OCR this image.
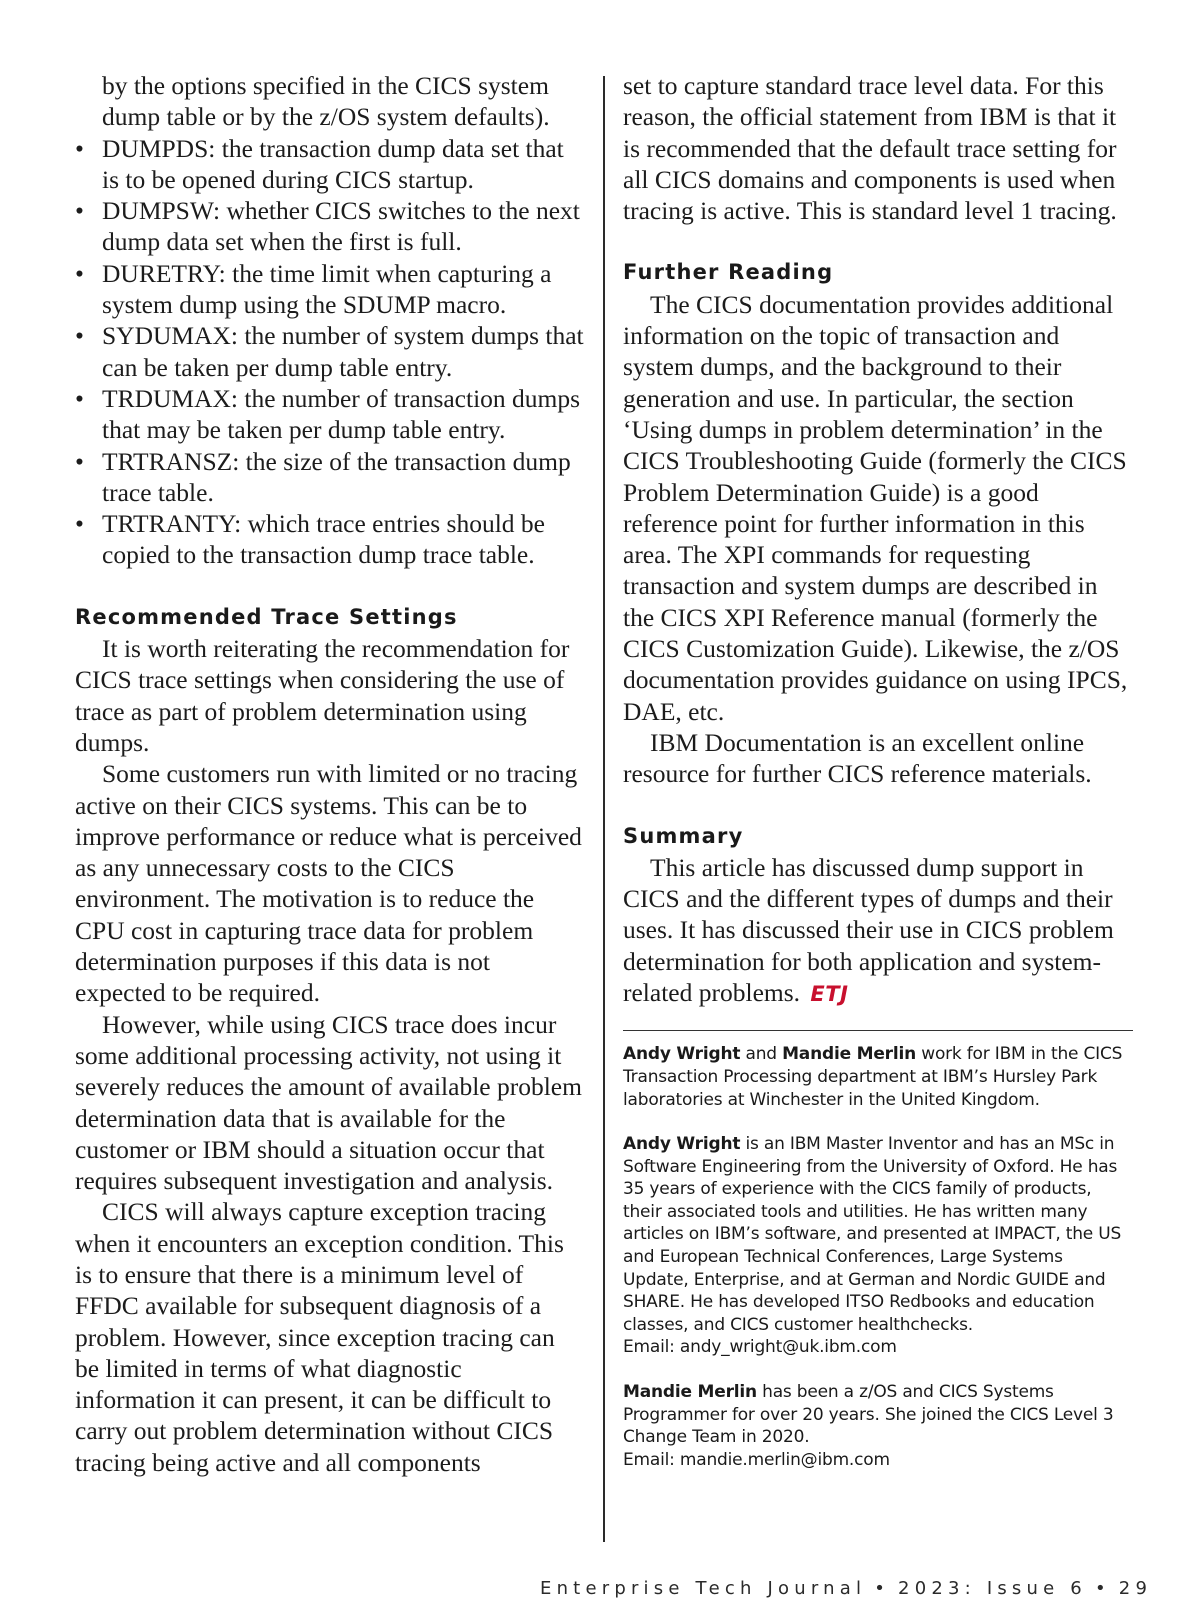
by the options specified in the CICS system dump table or by the z/OS system defaults).

• DUMPDS: the transaction dump data set that is to be opened during CICS startup.
• DUMPSW: whether CICS switches to the next dump data set when the first is full.
• DURETRY: the time limit when capturing a system dump using the SDUMP macro.
• SYDUMAX: the number of system dumps that can be taken per dump table entry.
• TRDUMAX: the number of transaction dumps that may be taken per dump table entry.
• TRTRANSZ: the size of the transaction dump trace table.
• TRTRANTY: which trace entries should be copied to the transaction dump trace table.
Recommended Trace Settings

It is worth reiterating the recommendation for CICS trace settings when considering the use of trace as part of problem determination using dumps.

Some customers run with limited or no tracing active on their CICS systems. This can be to improve performance or reduce what is perceived as any unnecessary costs to the CICS environment. The motivation is to reduce the CPU cost in capturing trace data for problem determination purposes if this data is not expected to be required.

However, while using CICS trace does incur some additional processing activity, not using it severely reduces the amount of available problem determination data that is available for the customer or IBM should a situation occur that requires subsequent investigation and analysis.

CICS will always capture exception tracing when it encounters an exception condition. This is to ensure that there is a minimum level of FFDC available for subsequent diagnosis of a problem. However, since exception tracing can be limited in terms of what diagnostic information it can present, it can be difficult to carry out problem determination without CICS tracing being active and all components

set to capture standard trace level data. For this reason, the official statement from IBM is that it is recommended that the default trace setting for all CICS domains and components is used when tracing is active. This is standard level 1 tracing.

Further Reading

The CICS documentation provides additional information on the topic of transaction and system dumps, and the background to their generation and use. In particular, the section ‘Using dumps in problem determination’ in the CICS Troubleshooting Guide (formerly the CICS Problem Determination Guide) is a good reference point for further information in this area. The XPI commands for requesting transaction and system dumps are described in the CICS XPI Reference manual (formerly the CICS Customization Guide). Likewise, the z/OS documentation provides guidance on using IPCS, DAE, etc.

IBM Documentation is an excellent online resource for further CICS reference materials.

Summary

This article has discussed dump support in CICS and the different types of dumps and their uses. It has discussed their use in CICS problem determination for both application and system-related problems. ETJ

Andy Wright and Mandie Merlin work for IBM in the CICS Transaction Processing department at IBM’s Hursley Park laboratories at Winchester in the United Kingdom.

Andy Wright is an IBM Master Inventor and has an MSc in Software Engineering from the University of Oxford. He has 35 years of experience with the CICS family of products, their associated tools and utilities. He has written many articles on IBM’s software, and presented at IMPACT, the US and European Technical Conferences, Large Systems Update, Enterprise, and at German and Nordic GUIDE and SHARE. He has developed ITSO Redbooks and education classes, and CICS customer healthchecks.
Email: andy_wright@uk.ibm.com

Mandie Merlin has been a z/OS and CICS Systems Programmer for over 20 years. She joined the CICS Level 3 Change Team in 2020.
Email: mandie.merlin@ibm.com

Enterprise Tech Journal • 2023: Issue 6 • 29
